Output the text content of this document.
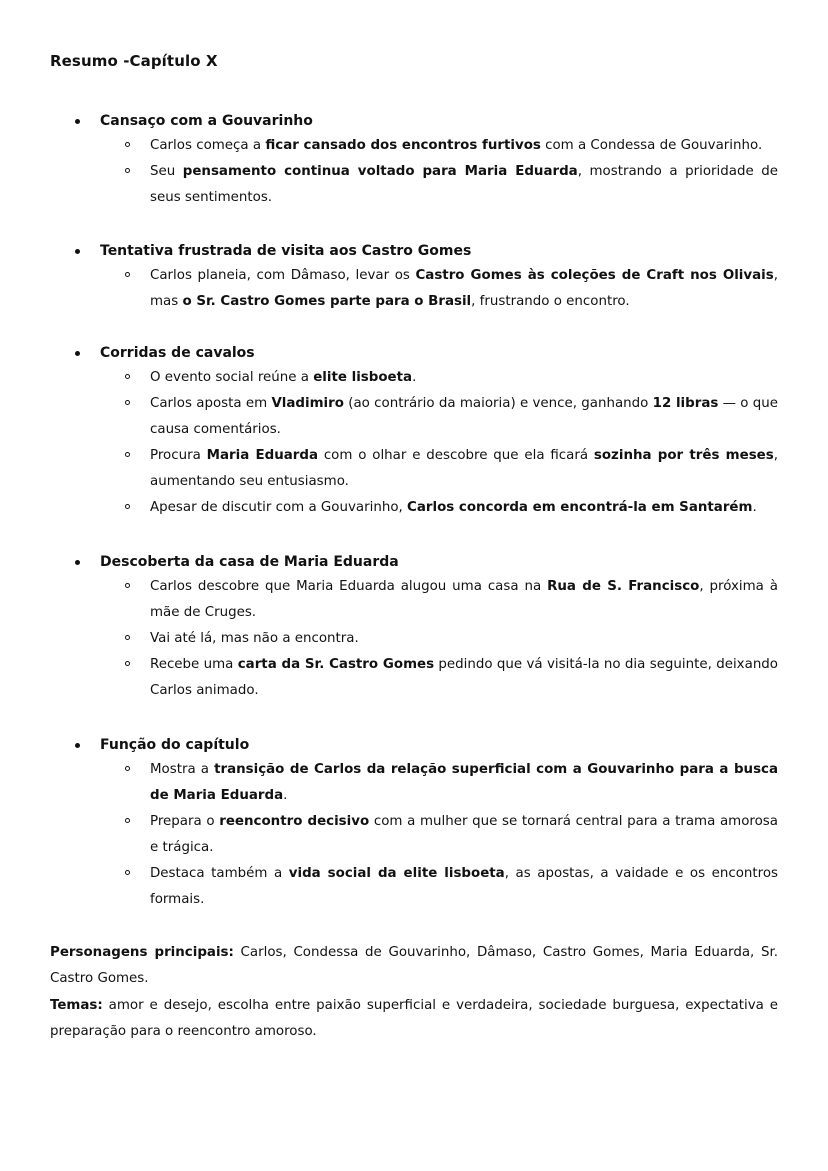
Resumo -Capítulo X
Cansaço com a Gouvarinho
Carlos começa a ficar cansado dos encontros furtivos com a Condessa de Gouvarinho.
Seu pensamento continua voltado para Maria Eduarda, mostrando a prioridade de seus sentimentos.
Tentativa frustrada de visita aos Castro Gomes
Carlos planeia, com Dâmaso, levar os Castro Gomes às coleções de Craft nos Olivais, mas o Sr. Castro Gomes parte para o Brasil, frustrando o encontro.
Corridas de cavalos
O evento social reúne a elite lisboeta.
Carlos aposta em Vladimiro (ao contrário da maioria) e vence, ganhando 12 libras — o que causa comentários.
Procura Maria Eduarda com o olhar e descobre que ela ficará sozinha por três meses, aumentando seu entusiasmo.
Apesar de discutir com a Gouvarinho, Carlos concorda em encontrá-la em Santarém.
Descoberta da casa de Maria Eduarda
Carlos descobre que Maria Eduarda alugou uma casa na Rua de S. Francisco, próxima à mãe de Cruges.
Vai até lá, mas não a encontra.
Recebe uma carta da Sr. Castro Gomes pedindo que vá visitá-la no dia seguinte, deixando Carlos animado.
Função do capítulo
Mostra a transição de Carlos da relação superficial com a Gouvarinho para a busca de Maria Eduarda.
Prepara o reencontro decisivo com a mulher que se tornará central para a trama amorosa e trágica.
Destaca também a vida social da elite lisboeta, as apostas, a vaidade e os encontros formais.
Personagens principais: Carlos, Condessa de Gouvarinho, Dâmaso, Castro Gomes, Maria Eduarda, Sr. Castro Gomes.
Temas: amor e desejo, escolha entre paixão superficial e verdadeira, sociedade burguesa, expectativa e preparação para o reencontro amoroso.
